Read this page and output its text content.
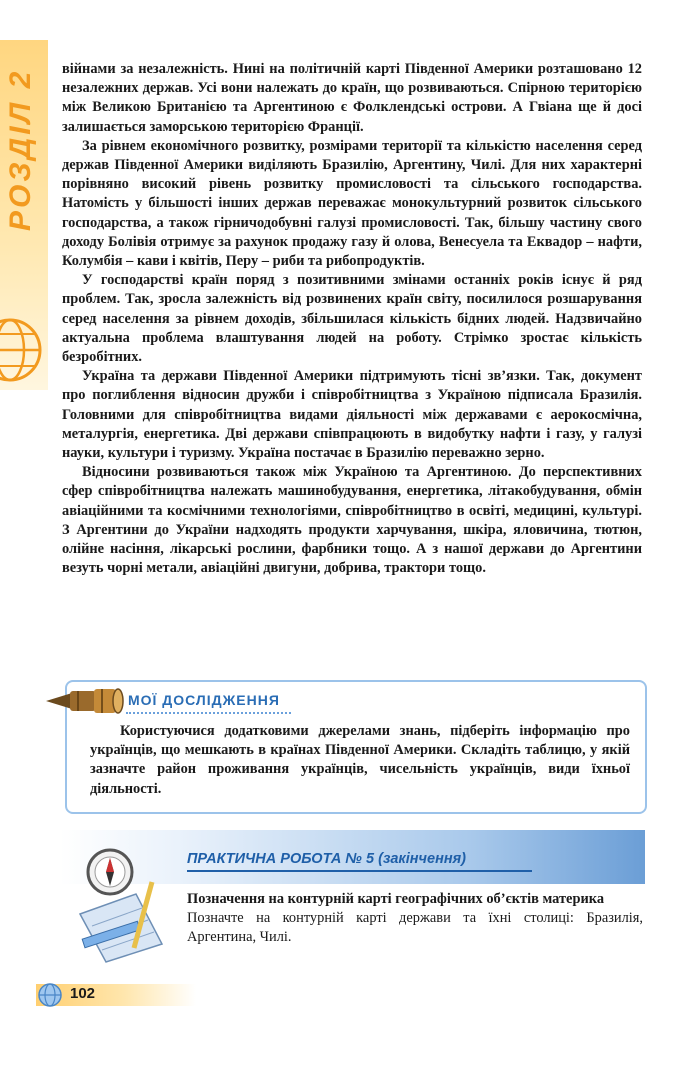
РОЗДІЛ 2	війнами за незалежність. Нині на політичній карті Південної Америки розташовано 12 незалежних держав. Усі вони належать до країн, що розвиваються. Спірною територією між Великою Британією та Аргентиною є Фолклендські острови. А Гвіана ще й досі залишається заморською територією Франції.

За рівнем економічного розвитку, розмірами території та кількістю населення серед держав Південної Америки виділяють Бразилію, Аргентину, Чилі. Для них характерні порівняно високий рівень розвитку промисловості та сільського господарства. Натомість у більшості інших держав переважає монокультурний розвиток сільського господарства, а також гірничодобувні галузі промисловості. Так, більшу частину свого доходу Болівія отримує за рахунок продажу газу й олова, Венесуела та Еквадор – нафти, Колумбія – кави і квітів, Перу – риби та рибопродуктів.

У господарстві країн поряд з позитивними змінами останніх років існує й ряд проблем. Так, зросла залежність від розвинених країн світу, посилилося розшарування серед населення за рівнем доходів, збільшилася кількість бідних людей. Надзвичайно актуальна проблема влаштування людей на роботу. Стрімко зростає кількість безробітних.

Україна та держави Південної Америки підтримують тісні зв’язки. Так, документ про поглиблення відносин дружби і співробітництва з Україною підписала Бразилія. Головними для співробітництва видами діяльності між державами є аерокосмічна, металургія, енергетика. Дві держави співпрацюють в видобутку нафти і газу, у галузі науки, культури і туризму. Україна постачає в Бразилію переважно зерно.

Відносини розвиваються також між Україною та Аргентиною. До перспективних сфер співробітництва належать машинобудування, енергетика, літакобудування, обмін авіаційними та космічними технологіями, співробітництво в освіті, медицині, культурі. З Аргентини до України надходять продукти харчування, шкіра, яловичина, тютюн, олійне насіння, лікарські рослини, фарбники тощо. А з нашої держави до Аргентини везуть чорні метали, авіаційні двигуни, добрива, трактори тощо.

МОЇ ДОСЛІДЖЕННЯ

Користуючися додатковими джерелами знань, підберіть інформацію про українців, що мешкають в країнах Південної Америки. Складіть таблицю, у якій зазначте район проживання українців, чисельність українців, види їхньої діяльності.

ПРАКТИЧНА РОБОТА № 5 (закінчення)

Позначення на контурній карті географічних об’єктів материка

Позначте на контурній карті держави та їхні столиці: Бразилія, Аргентина, Чилі.

102
